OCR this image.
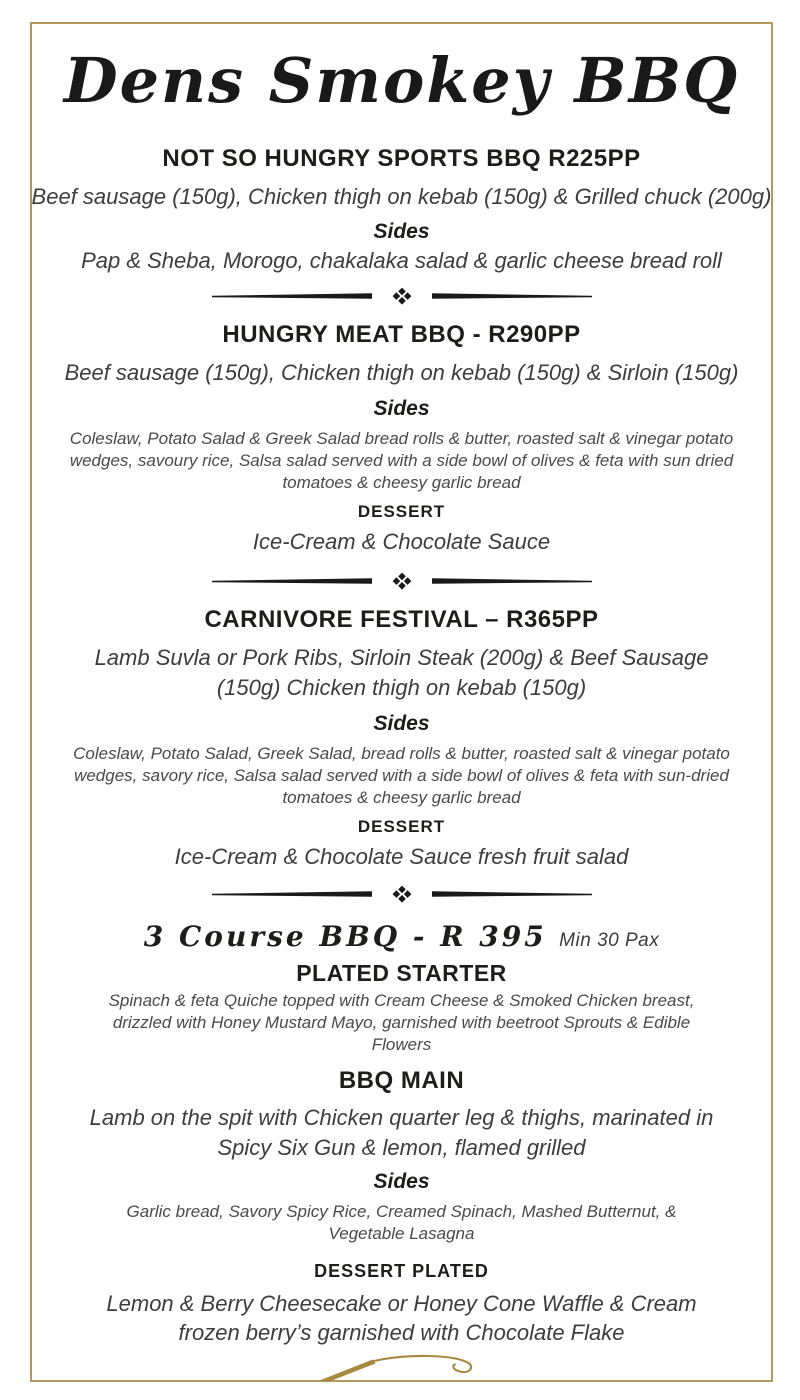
Dens Smokey BBQ
NOT SO HUNGRY SPORTS BBQ R225PP
Beef sausage (150g), Chicken thigh on kebab (150g) & Grilled chuck (200g)
Sides
Pap & Sheba, Morogo, chakalaka salad & garlic cheese bread roll
HUNGRY MEAT BBQ - R290PP
Beef sausage (150g), Chicken thigh on kebab (150g) & Sirloin (150g)
Sides
Coleslaw, Potato Salad & Greek Salad bread rolls & butter, roasted salt & vinegar potato wedges, savoury rice, Salsa salad served with a side bowl of olives & feta with sun dried tomatoes & cheesy garlic bread
DESSERT
Ice-Cream & Chocolate Sauce
CARNIVORE FESTIVAL – R365PP
Lamb Suvla or Pork Ribs, Sirloin Steak (200g) & Beef Sausage (150g) Chicken thigh on kebab (150g)
Sides
Coleslaw, Potato Salad, Greek Salad, bread rolls & butter, roasted salt & vinegar potato wedges, savory rice, Salsa salad served with a side bowl of olives & feta with sun-dried tomatoes & cheesy garlic bread
DESSERT
Ice-Cream & Chocolate Sauce fresh fruit salad
3 Course BBQ - R 395 Min 30 Pax
PLATED STARTER
Spinach & feta Quiche topped with Cream Cheese & Smoked Chicken breast, drizzled with Honey Mustard Mayo, garnished with beetroot Sprouts & Edible Flowers
BBQ MAIN
Lamb on the spit with Chicken quarter leg & thighs, marinated in Spicy Six Gun & lemon, flamed grilled
Sides
Garlic bread, Savory Spicy Rice, Creamed Spinach, Mashed Butternut, & Vegetable Lasagna
DESSERT PLATED
Lemon & Berry Cheesecake or Honey Cone Waffle & Cream frozen berry’s garnished with Chocolate Flake
